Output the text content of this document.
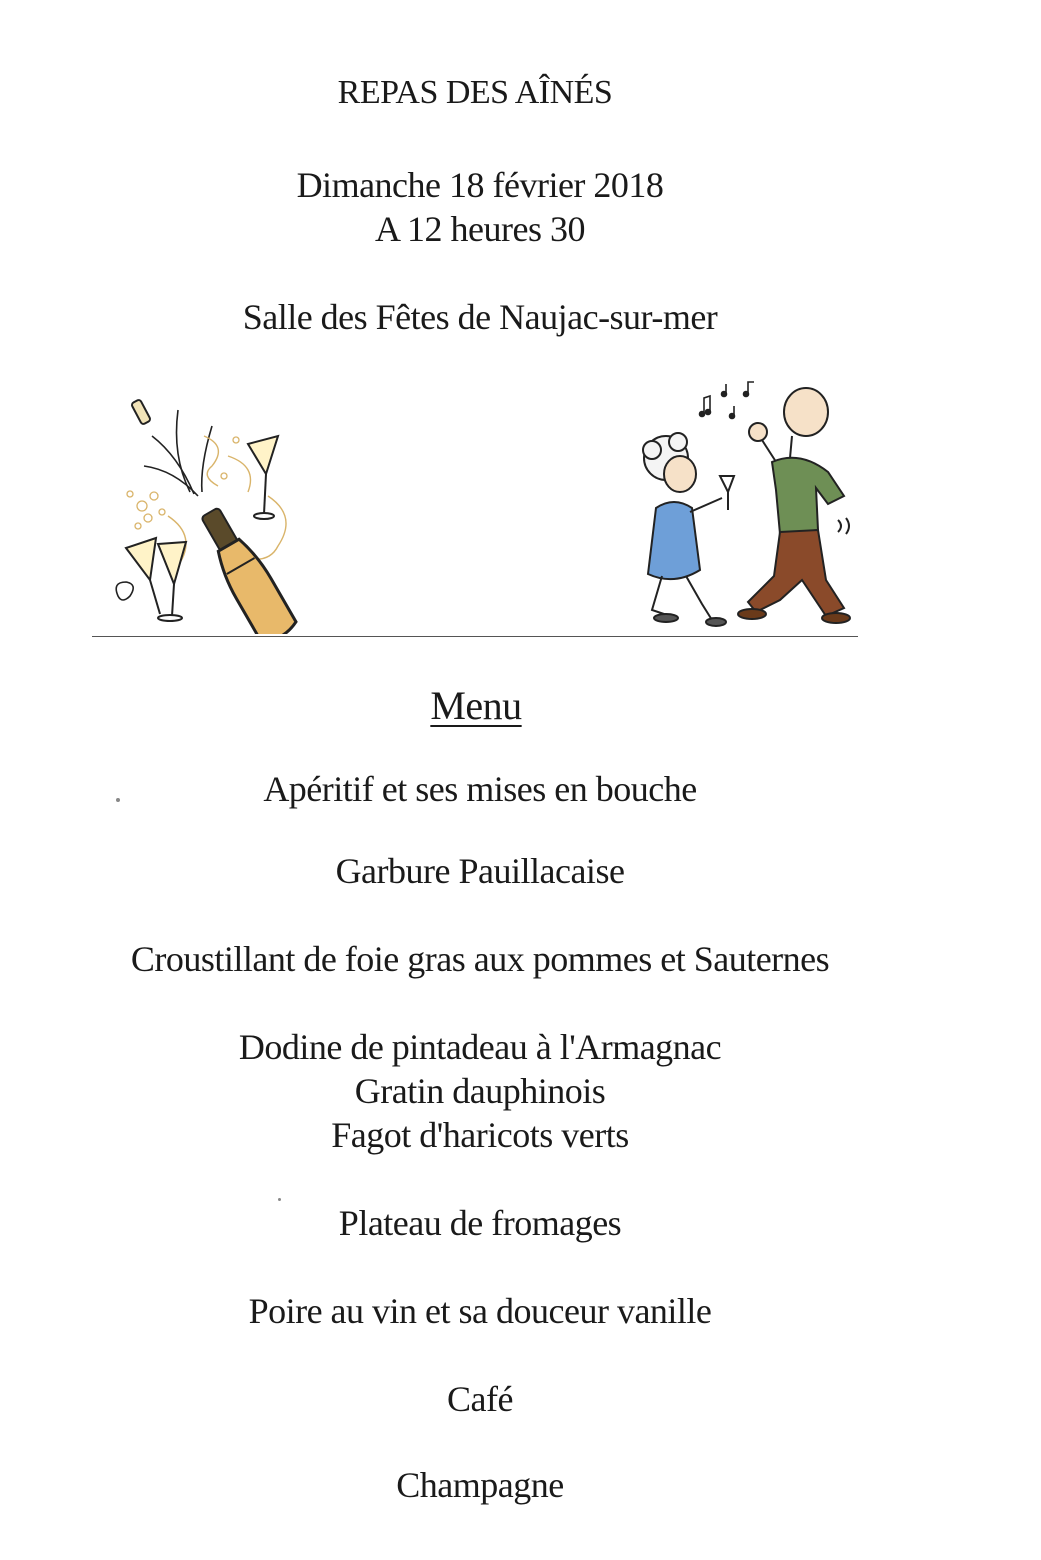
REPAS DES AÎNÉS
Dimanche 18 février 2018
A 12 heures 30
Salle des Fêtes de Naujac-sur-mer
Menu
Apéritif et ses mises en bouche
Garbure Pauillacaise
Croustillant de foie gras aux pommes et Sauternes
Dodine de pintadeau à l'Armagnac
Gratin dauphinois
Fagot d'haricots verts
Plateau de fromages
Poire au vin et sa douceur vanille
Café
Champagne
